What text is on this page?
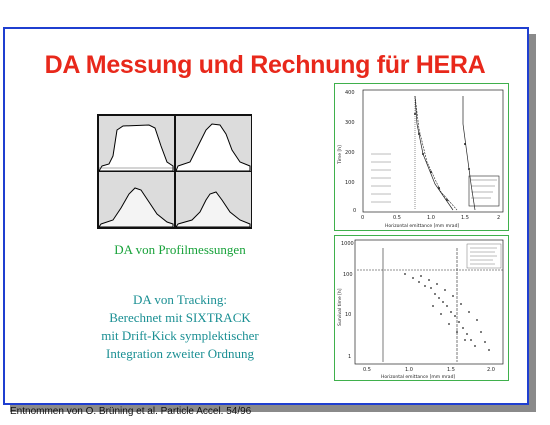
DA Messung und Rechnung für HERA
DA von Profilmessungen
DA von Tracking:
Berechnet mit SIXTRACK
mit Drift-Kick symplektischer
Integration zweiter Ordnung
Entnommen von O. Brüning et al. Particle Accel. 54/96
400
300
200
100
0
Time [h]
0	0.5	1.0	1.5	2
Horizontal emittance [mm mrad]
1000
100
10
1
Survival time [h]
0.5	1.0	1.5	2.0
Horizontal emittance [mm mrad]
